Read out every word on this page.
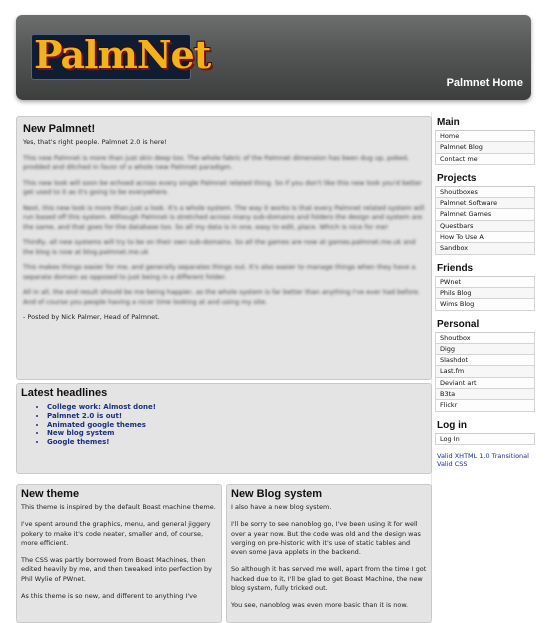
PalmNet
Palmnet Home
New Palmnet!

Yes, that's right people. Palmnet 2.0 is here!

This new Palmnet is more than just skin deep too. The whole fabric of the Palmnet dimension has been dug up, poked, prodded and ditched in favor of a whole new Palmnet paradigm.

This new look will soon be echoed across every single Palmnet related thing. So if you don't like this new look you'd better get used to it as it's going to be everywhere.

Next, this new look is more than just a look. It's a whole system. The way it works is that every Palmnet related system will run based off this system. Although Palmnet is stretched across many sub-domains and folders the design and system are the same, and that goes for the database too. So all my data is in one, easy to edit, place. Which is nice for me!

Thirdly, all new systems will try to be on their own sub-domains. So all the games are now at games.palmnet.me.uk and the blog is now at blog.palmnet.me.uk

This makes things easier for me, and generally separates things out. It's also easier to manage things when they have a separate domain as opposed to just being in a different folder.

All in all, the end result should be me being happier, as the whole system is far better than anything I've ever had before. And of course you people having a nicer time looking at and using my site.

- Posted by Nick Palmer, Head of Palmnet.

Latest headlines
• College work: Almost done!
• Palmnet 2.0 is out!
• Animated google themes
• New blog system
• Google themes!
New theme

This theme is inspired by the default Boast machine theme.

I've spent around the graphics, menu, and general jiggery pokery to make it's code neater, smaller and, of course, more efficient.

The CSS was partly borrowed from Boast Machines, then edited heavily by me, and then tweaked into perfection by Phil Wylie of PWnet.

As this theme is so new, and different to anything I've

New Blog system

I also have a new blog system.

I'll be sorry to see nanoblog go, I've been using it for well over a year now. But the code was old and the design was verging on pre-historic with it's use of static tables and even some Java applets in the backend.

So although it has served me well, apart from the time I got hacked due to it, I'll be glad to get Boast Machine, the new blog system, fully tricked out.

You see, nanoblog was even more basic than it is now.

Main
Home
Palmnet Blog
Contact me
Projects
Shoutboxes
Palmnet Software
Palmnet Games
Questbars
How To Use A
Sandbox
Friends
PWnet
Phils Blog
Wims Blog
Personal
Shoutbox
Digg
Slashdot
Last.fm
Deviant art
B3ta
Flickr
Log in
Log In
Valid XHTML 1.0 Transitional
Valid CSS
